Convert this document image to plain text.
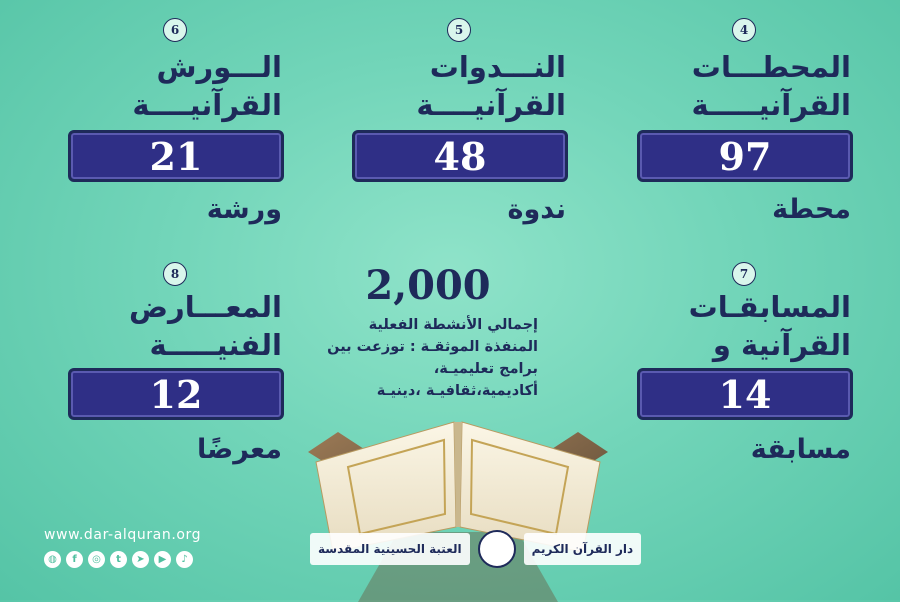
4
المحطـــات
القرآنيـــــة
97
محطة
5
النـــدوات
القرآنيــــة
48
ندوة
6
الـــورش
القرآنيــــة
21
ورشة
7
المسابقـات
القرآنية و
14
مسابقة
8
المعـــارض
الفنيـــــة
12
معرضًا
2,000
إجمالي الأنشطة الفعلية المنفذة الموثقـة : توزعت بين برامج تعليميـة، أكاديمية،ثقافيـة ،دينيـة
www.dar-alquran.org
◍	f	◎	t	➤	▶	♪
العتبة الحسينية المقدسة	دار القرآن الكريم
